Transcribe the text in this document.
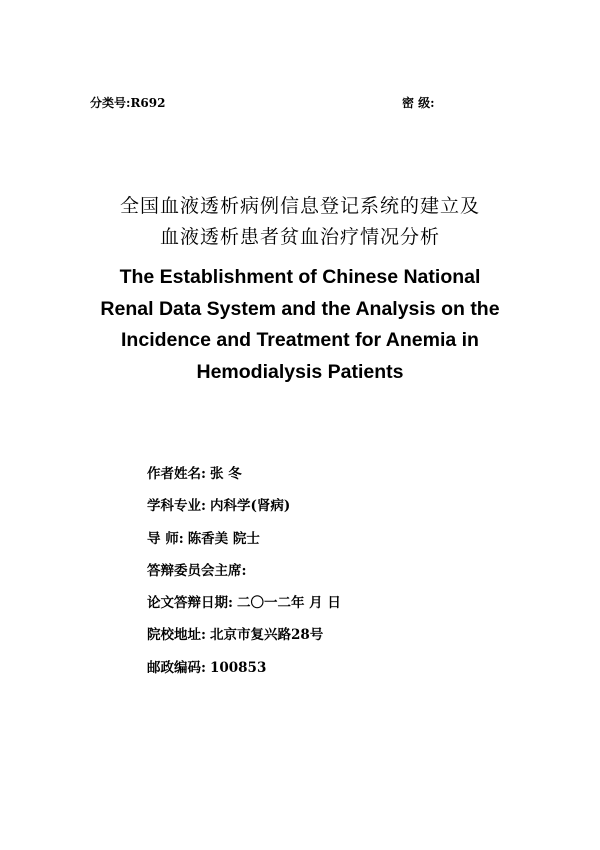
分类号:R692	密 级:
全国血液透析病例信息登记系统的建立及
血液透析患者贫血治疗情况分析
The Establishment of Chinese National
Renal Data System and the Analysis on the
Incidence and Treatment for Anemia in
Hemodialysis Patients
作者姓名: 张 冬
学科专业: 内科学(肾病)
导 师: 陈香美 院士
答辩委员会主席:
论文答辩日期: 二〇一二年 月 日
院校地址: 北京市复兴路28号
邮政编码: 100853
